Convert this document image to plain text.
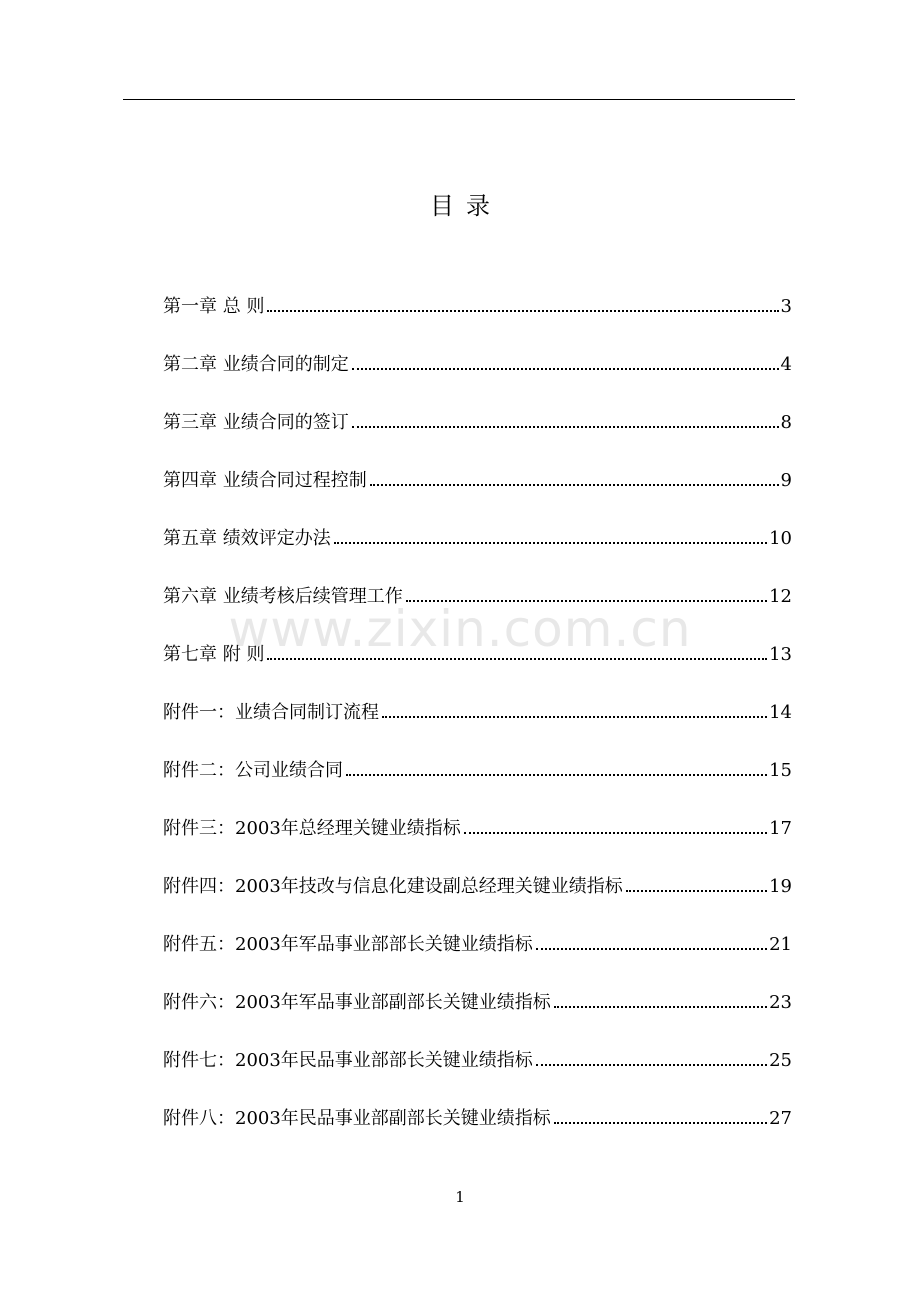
目录
www.zixin.com.cn
第一章 总 则	3
第二章 业绩合同的制定	4
第三章 业绩合同的签订	8
第四章 业绩合同过程控制	9
第五章 绩效评定办法	10
第六章 业绩考核后续管理工作	12
第七章 附 则	13
附件一：业绩合同制订流程	14
附件二：公司业绩合同	15
附件三：2003年总经理关键业绩指标	17
附件四：2003年技改与信息化建设副总经理关键业绩指标	19
附件五：2003年军品事业部部长关键业绩指标	21
附件六：2003年军品事业部副部长关键业绩指标	23
附件七：2003年民品事业部部长关键业绩指标	25
附件八：2003年民品事业部副部长关键业绩指标	27
1
